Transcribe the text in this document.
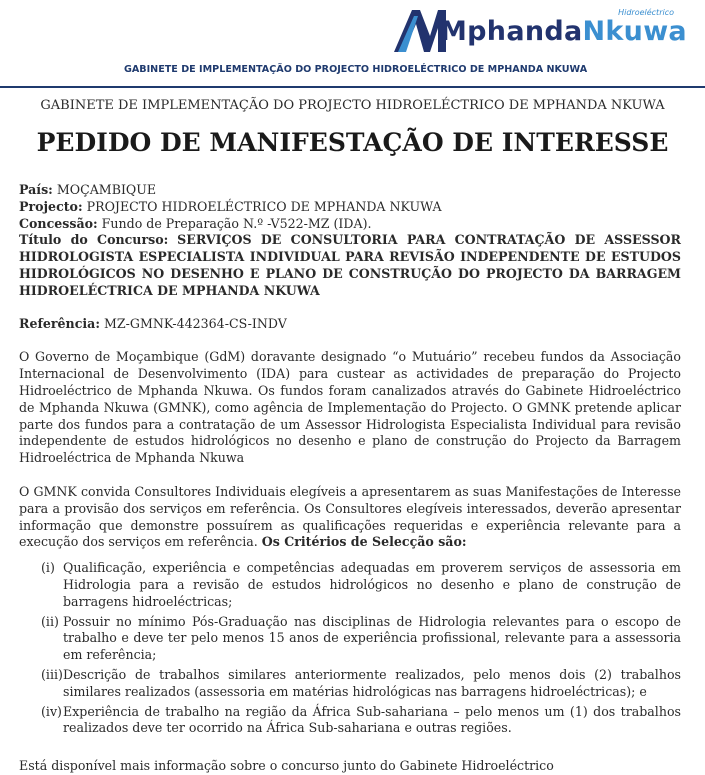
MphandaNkuwa
Hidroeléctrico
GABINETE DE IMPLEMENTAÇÃO DO PROJECTO HIDROELÉCTRICO DE MPHANDA NKUWA
GABINETE DE IMPLEMENTAÇÃO DO PROJECTO HIDROELÉCTRICO DE MPHANDA NKUWA
PEDIDO DE MANIFESTAÇÃO DE INTERESSE

País: MOÇAMBIQUE

Projecto: PROJECTO HIDROELÉCTRICO DE MPHANDA NKUWA

Concessão: Fundo de Preparação N.º -V522-MZ (IDA).

Título do Concurso: SERVIÇOS DE CONSULTORIA PARA CONTRATAÇÃO DE ASSESSOR HIDROLOGISTA ESPECIALISTA INDIVIDUAL PARA REVISÃO INDEPENDENTE DE ESTUDOS HIDROLÓGICOS NO DESENHO E PLANO DE CONSTRUÇÃO DO PROJECTO DA BARRAGEM HIDROELÉCTRICA DE MPHANDA NKUWA

Referência: MZ-GMNK-442364-CS-INDV

O Governo de Moçambique (GdM) doravante designado “o Mutuário” recebeu fundos da Associação Internacional de Desenvolvimento (IDA) para custear as actividades de preparação do Projecto Hidroeléctrico de Mphanda Nkuwa. Os fundos foram canalizados através do Gabinete Hidroeléctrico de Mphanda Nkuwa (GMNK), como agência de Implementação do Projecto. O GMNK pretende aplicar parte dos fundos para a contratação de um Assessor Hidrologista Especialista Individual para revisão independente de estudos hidrológicos no desenho e plano de construção do Projecto da Barragem Hidroeléctrica de Mphanda Nkuwa

O GMNK convida Consultores Individuais elegíveis a apresentarem as suas Manifestações de Interesse para a provisão dos serviços em referência. Os Consultores elegíveis interessados, deverão apresentar informação que demonstre possuírem as qualificações requeridas e experiência relevante para a execução dos serviços em referência. Os Critérios de Selecção são:

(i) Qualificação, experiência e competências adequadas em proverem serviços de assessoria em Hidrologia para a revisão de estudos hidrológicos no desenho e plano de construção de barragens hidroeléctricas;
(ii) Possuir no mínimo Pós-Graduação nas disciplinas de Hidrologia relevantes para o escopo de trabalho e deve ter pelo menos 15 anos de experiência profissional, relevante para a assessoria em referência;
(iii) Descrição de trabalhos similares anteriormente realizados, pelo menos dois (2) trabalhos similares realizados (assessoria em matérias hidrológicas nas barragens hidroeléctricas); e
(iv) Experiência de trabalho na região da África Sub-sahariana – pelo menos um (1) dos trabalhos realizados deve ter ocorrido na África Sub-sahariana e outras regiões.
Está disponível mais informação sobre o concurso junto do Gabinete Hidroeléctrico
